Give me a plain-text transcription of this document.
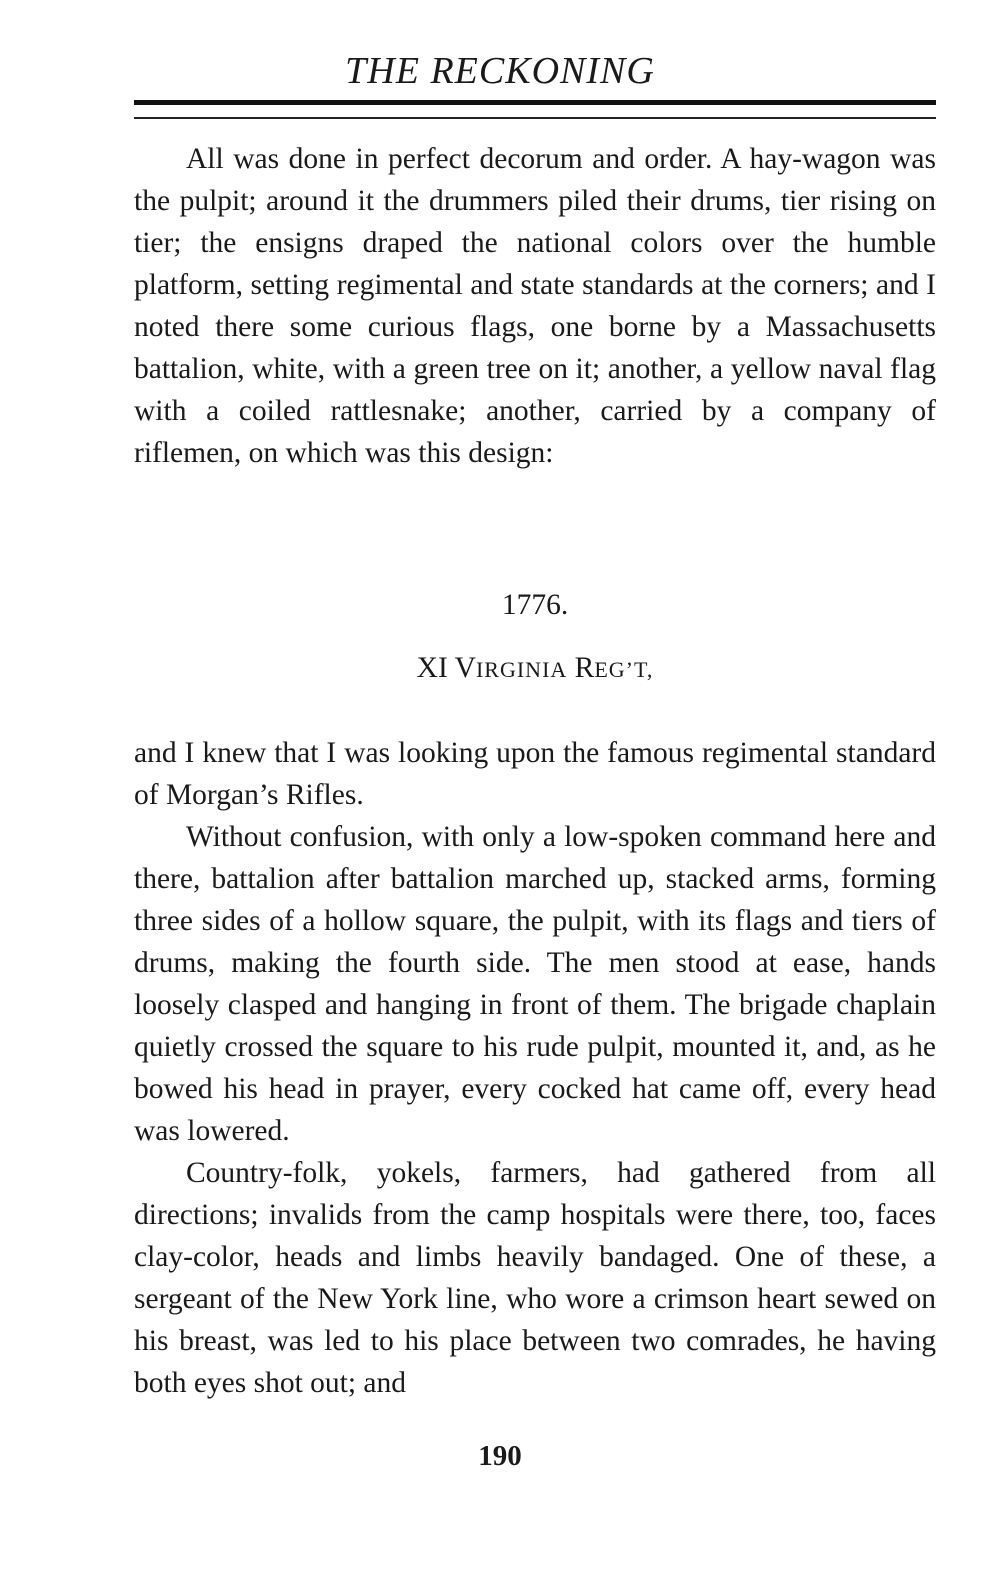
THE RECKONING

All was done in perfect decorum and order. A hay-wagon was the pulpit; around it the drummers piled their drums, tier rising on tier; the ensigns draped the national colors over the humble platform, setting regimental and state standards at the corners; and I noted there some curious flags, one borne by a Massachusetts battalion, white, with a green tree on it; another, a yellow naval flag with a coiled rattlesnake; another, carried by a company of riflemen, on which was this design:

1776.
XI VIRGINIA REG’T,

and I knew that I was looking upon the famous regimental standard of Morgan’s Rifles.

Without confusion, with only a low-spoken command here and there, battalion after battalion marched up, stacked arms, forming three sides of a hollow square, the pulpit, with its flags and tiers of drums, making the fourth side. The men stood at ease, hands loosely clasped and hanging in front of them. The brigade chaplain quietly crossed the square to his rude pulpit, mounted it, and, as he bowed his head in prayer, every cocked hat came off, every head was lowered.

Country-folk, yokels, farmers, had gathered from all directions; invalids from the camp hospitals were there, too, faces clay-color, heads and limbs heavily bandaged. One of these, a sergeant of the New York line, who wore a crimson heart sewed on his breast, was led to his place between two comrades, he having both eyes shot out; and

190
